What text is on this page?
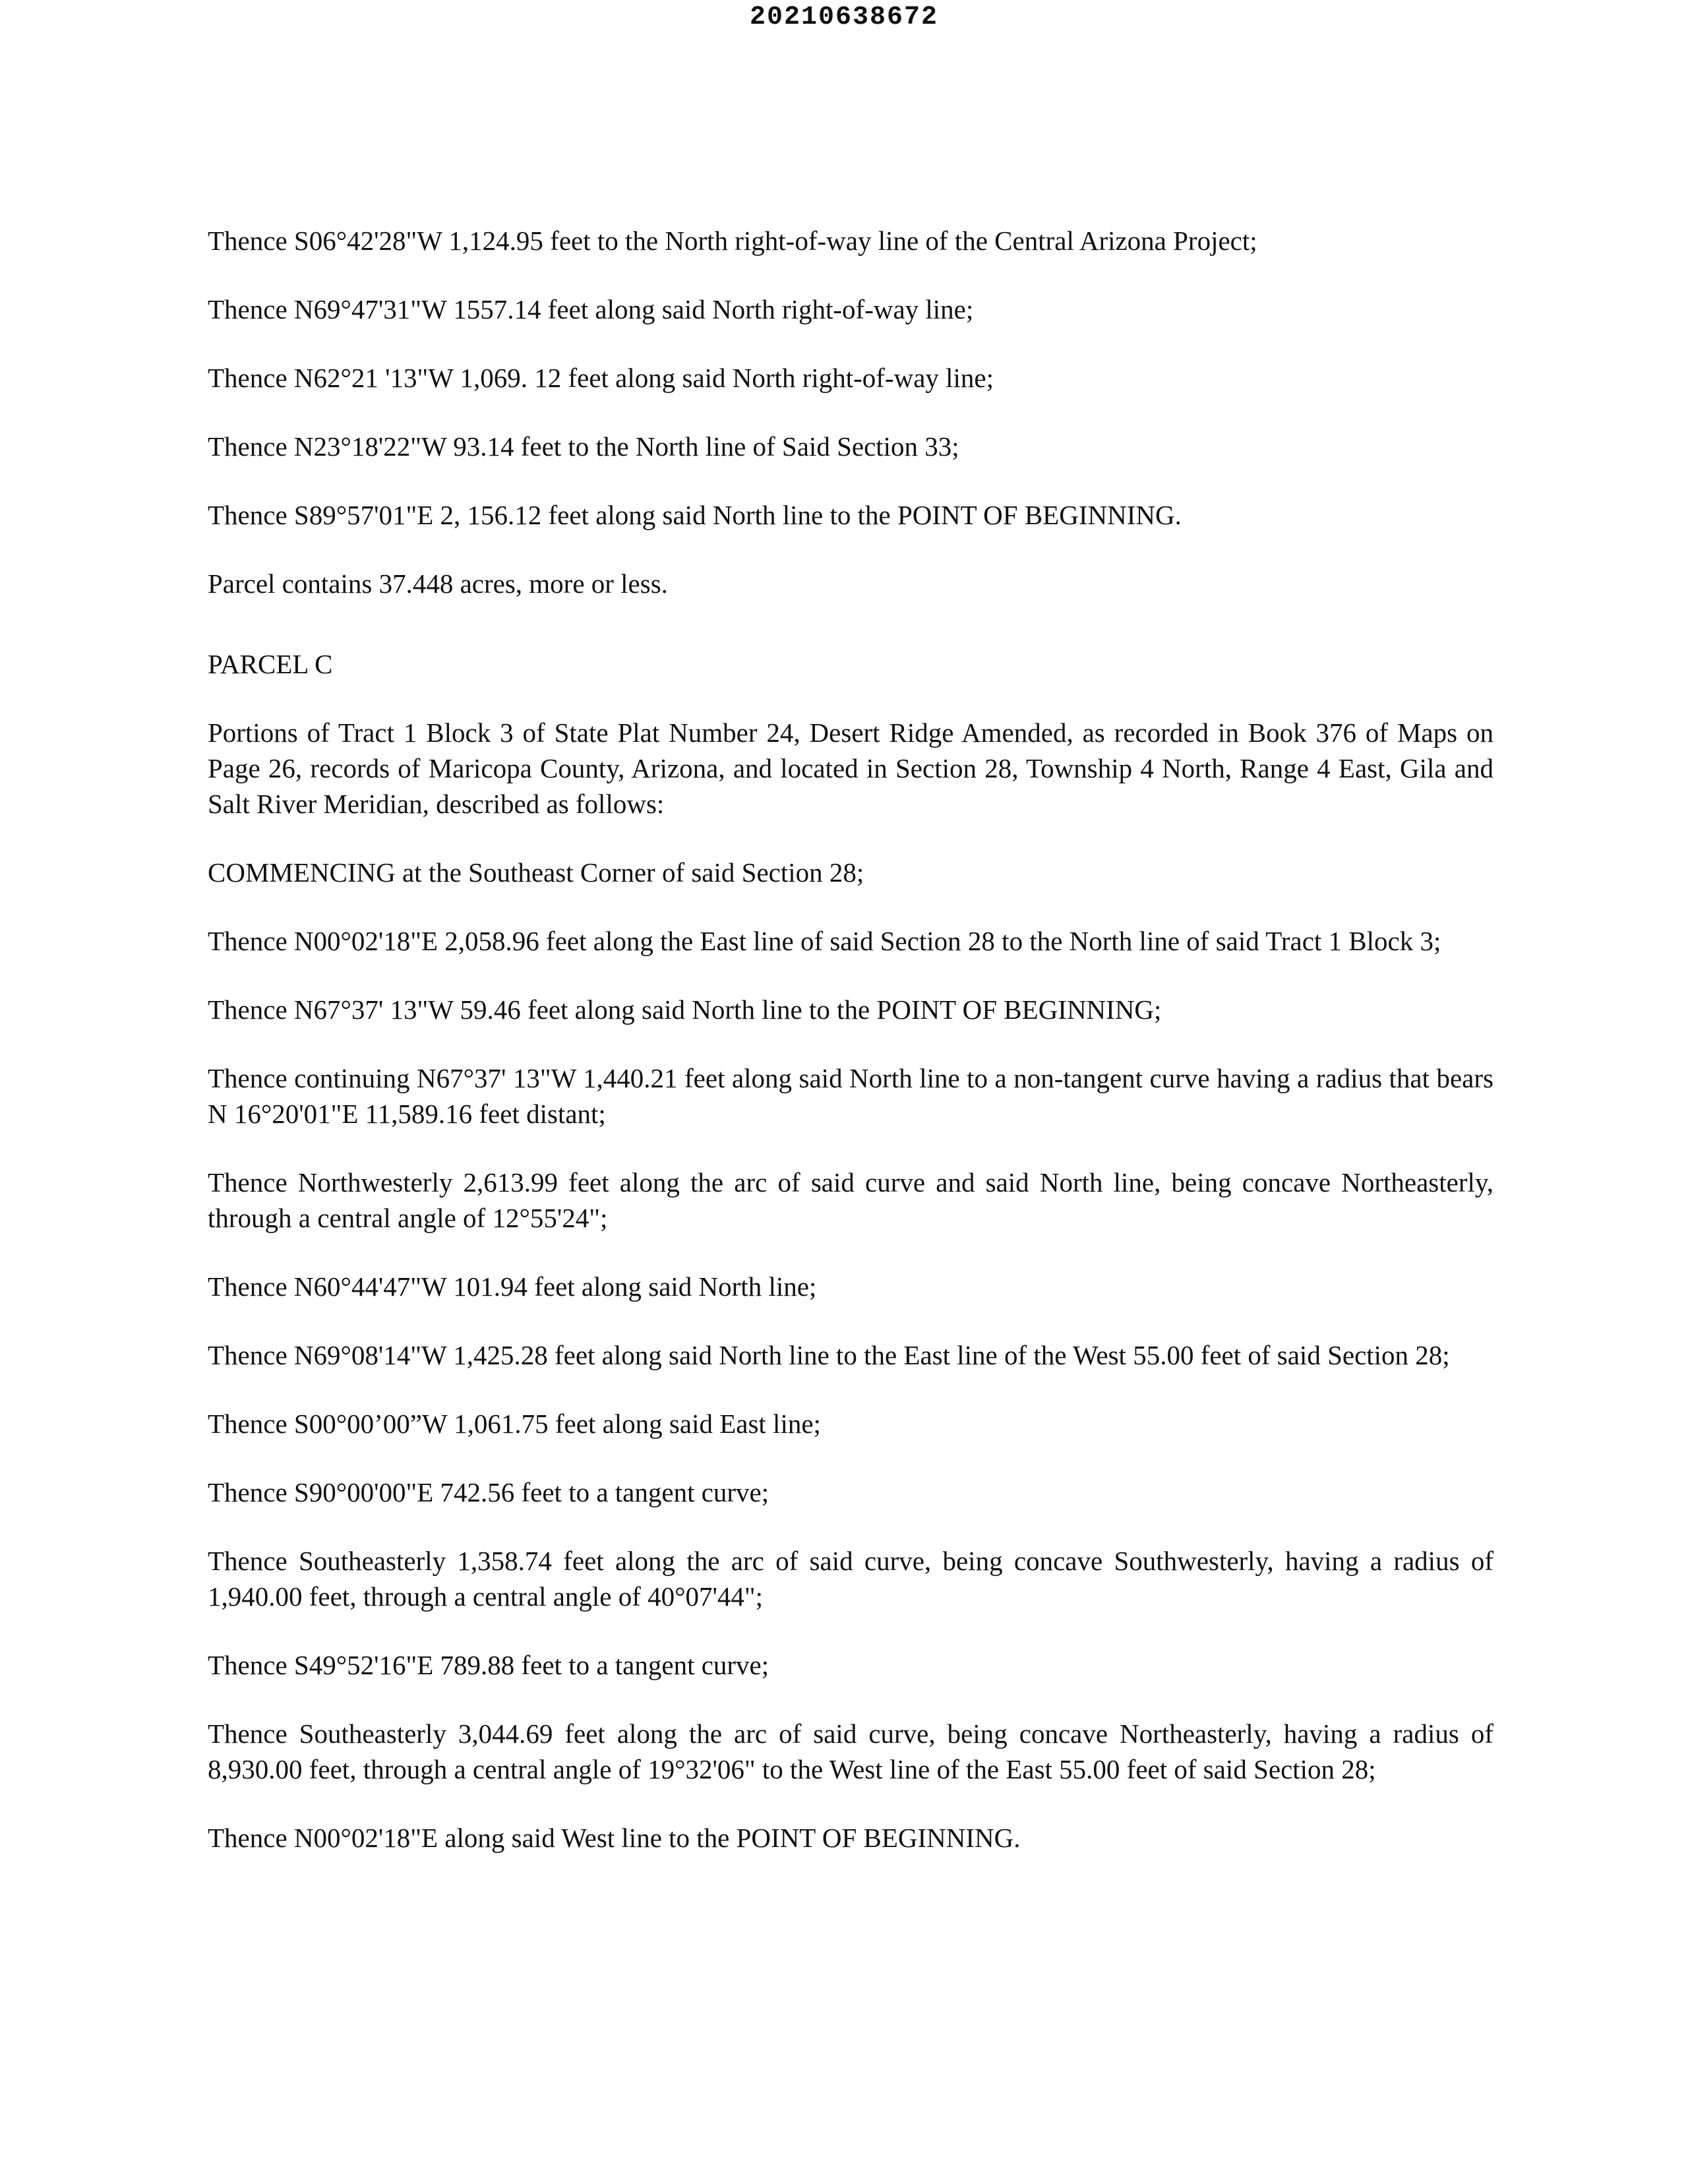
20210638672

Thence S06°42'28"W 1,124.95 feet to the North right-of-way line of the Central Arizona Project;

Thence N69°47'31"W 1557.14 feet along said North right-of-way line;

Thence N62°21 '13"W 1,069. 12 feet along said North right-of-way line;

Thence N23°18'22"W 93.14 feet to the North line of Said Section 33;

Thence S89°57'01"E 2, 156.12 feet along said North line to the POINT OF BEGINNING.

Parcel contains 37.448 acres, more or less.

PARCEL C

Portions of Tract 1 Block 3 of State Plat Number 24, Desert Ridge Amended, as recorded in Book 376 of Maps on Page 26, records of Maricopa County, Arizona, and located in Section 28, Township 4 North, Range 4 East, Gila and Salt River Meridian, described as follows:

COMMENCING at the Southeast Corner of said Section 28;

Thence N00°02'18"E 2,058.96 feet along the East line of said Section 28 to the North line of said Tract 1 Block 3;

Thence N67°37' 13"W 59.46 feet along said North line to the POINT OF BEGINNING;

Thence continuing N67°37' 13"W 1,440.21 feet along said North line to a non-tangent curve having a radius that bears N 16°20'01"E 11,589.16 feet distant;

Thence Northwesterly 2,613.99 feet along the arc of said curve and said North line, being concave Northeasterly, through a central angle of 12°55'24";

Thence N60°44'47"W 101.94 feet along said North line;

Thence N69°08'14"W 1,425.28 feet along said North line to the East line of the West 55.00 feet of said Section 28;

Thence S00°00’00”W 1,061.75 feet along said East line;

Thence S90°00'00"E 742.56 feet to a tangent curve;

Thence Southeasterly 1,358.74 feet along the arc of said curve, being concave Southwesterly, having a radius of 1,940.00 feet, through a central angle of 40°07'44";

Thence S49°52'16"E 789.88 feet to a tangent curve;

Thence Southeasterly 3,044.69 feet along the arc of said curve, being concave Northeasterly, having a radius of 8,930.00 feet, through a central angle of 19°32'06" to the West line of the East 55.00 feet of said Section 28;

Thence N00°02'18"E along said West line to the POINT OF BEGINNING.
